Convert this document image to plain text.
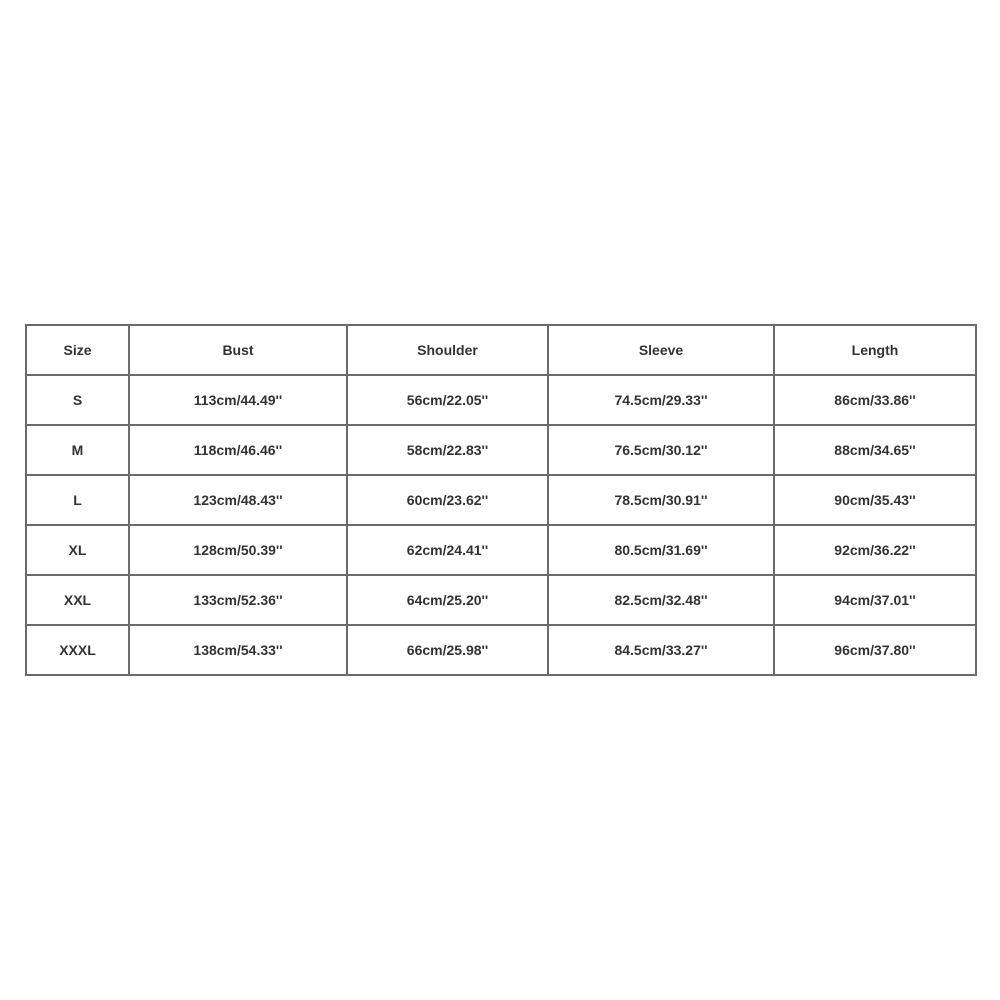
Size	Bust	Shoulder	Sleeve	Length
S	113cm/44.49''	56cm/22.05''	74.5cm/29.33''	86cm/33.86''
M	118cm/46.46''	58cm/22.83''	76.5cm/30.12''	88cm/34.65''
L	123cm/48.43''	60cm/23.62''	78.5cm/30.91''	90cm/35.43''
XL	128cm/50.39''	62cm/24.41''	80.5cm/31.69''	92cm/36.22''
XXL	133cm/52.36''	64cm/25.20''	82.5cm/32.48''	94cm/37.01''
XXXL	138cm/54.33''	66cm/25.98''	84.5cm/33.27''	96cm/37.80''
